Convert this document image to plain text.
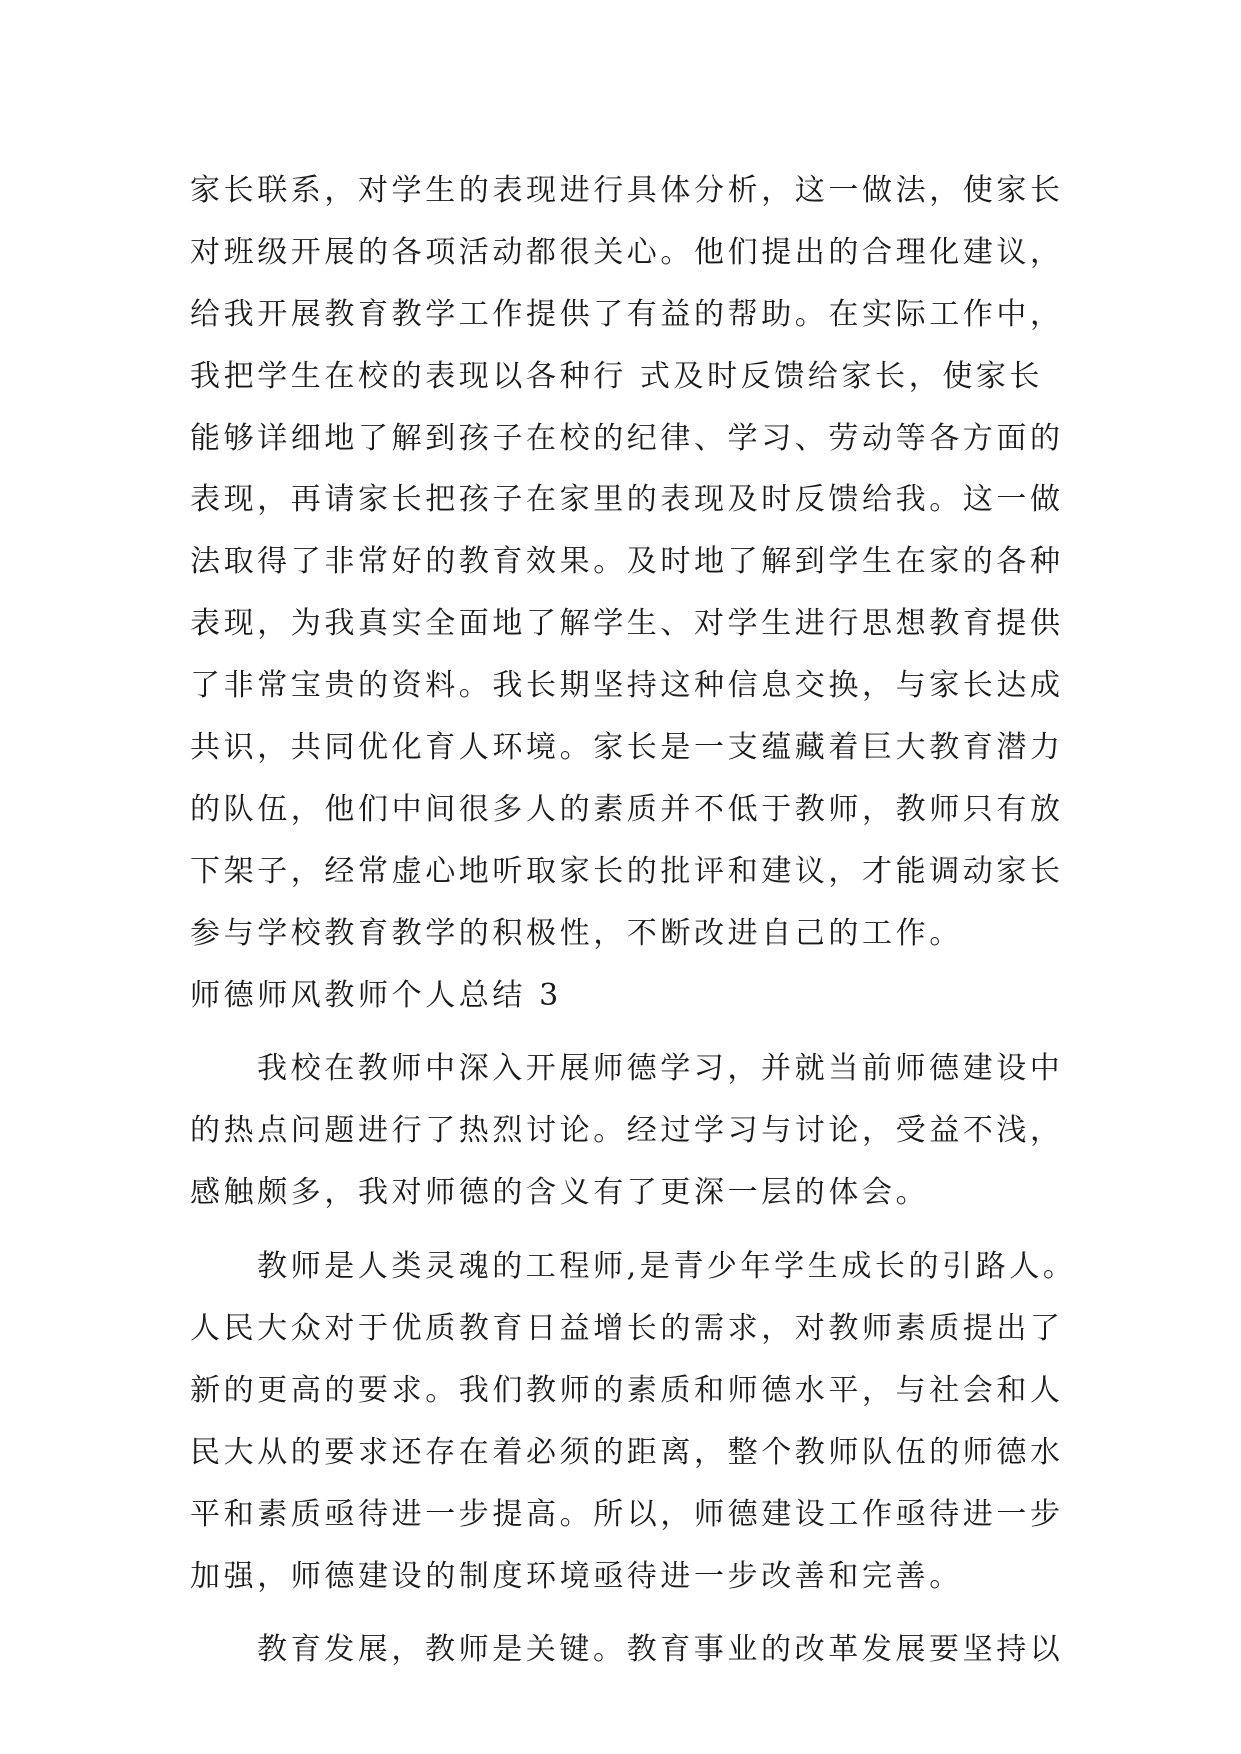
家长联系，对学生的表现进行具体分析，这一做法，使家长
对班级开展的各项活动都很关心。他们提出的合理化建议，
给我开展教育教学工作提供了有益的帮助。在实际工作中，
我把学生在校的表现以各种行 式及时反馈给家长，使家长
能够详细地了解到孩子在校的纪律、学习、劳动等各方面的
表现，再请家长把孩子在家里的表现及时反馈给我。这一做
法取得了非常好的教育效果。及时地了解到学生在家的各种
表现，为我真实全面地了解学生、对学生进行思想教育提供
了非常宝贵的资料。我长期坚持这种信息交换，与家长达成
共识，共同优化育人环境。家长是一支蕴藏着巨大教育潜力
的队伍，他们中间很多人的素质并不低于教师，教师只有放
下架子，经常虚心地听取家长的批评和建议，才能调动家长
参与学校教育教学的积极性，不断改进自己的工作。
师德师风教师个人总结 3
我校在教师中深入开展师德学习，并就当前师德建设中
的热点问题进行了热烈讨论。经过学习与讨论，受益不浅，
感触颇多，我对师德的含义有了更深一层的体会。
教师是人类灵魂的工程师,是青少年学生成长的引路人。
人民大众对于优质教育日益增长的需求，对教师素质提出了
新的更高的要求。我们教师的素质和师德水平，与社会和人
民大从的要求还存在着必须的距离，整个教师队伍的师德水
平和素质亟待进一步提高。所以，师德建设工作亟待进一步
加强，师德建设的制度环境亟待进一步改善和完善。
教育发展，教师是关键。教育事业的改革发展要坚持以
